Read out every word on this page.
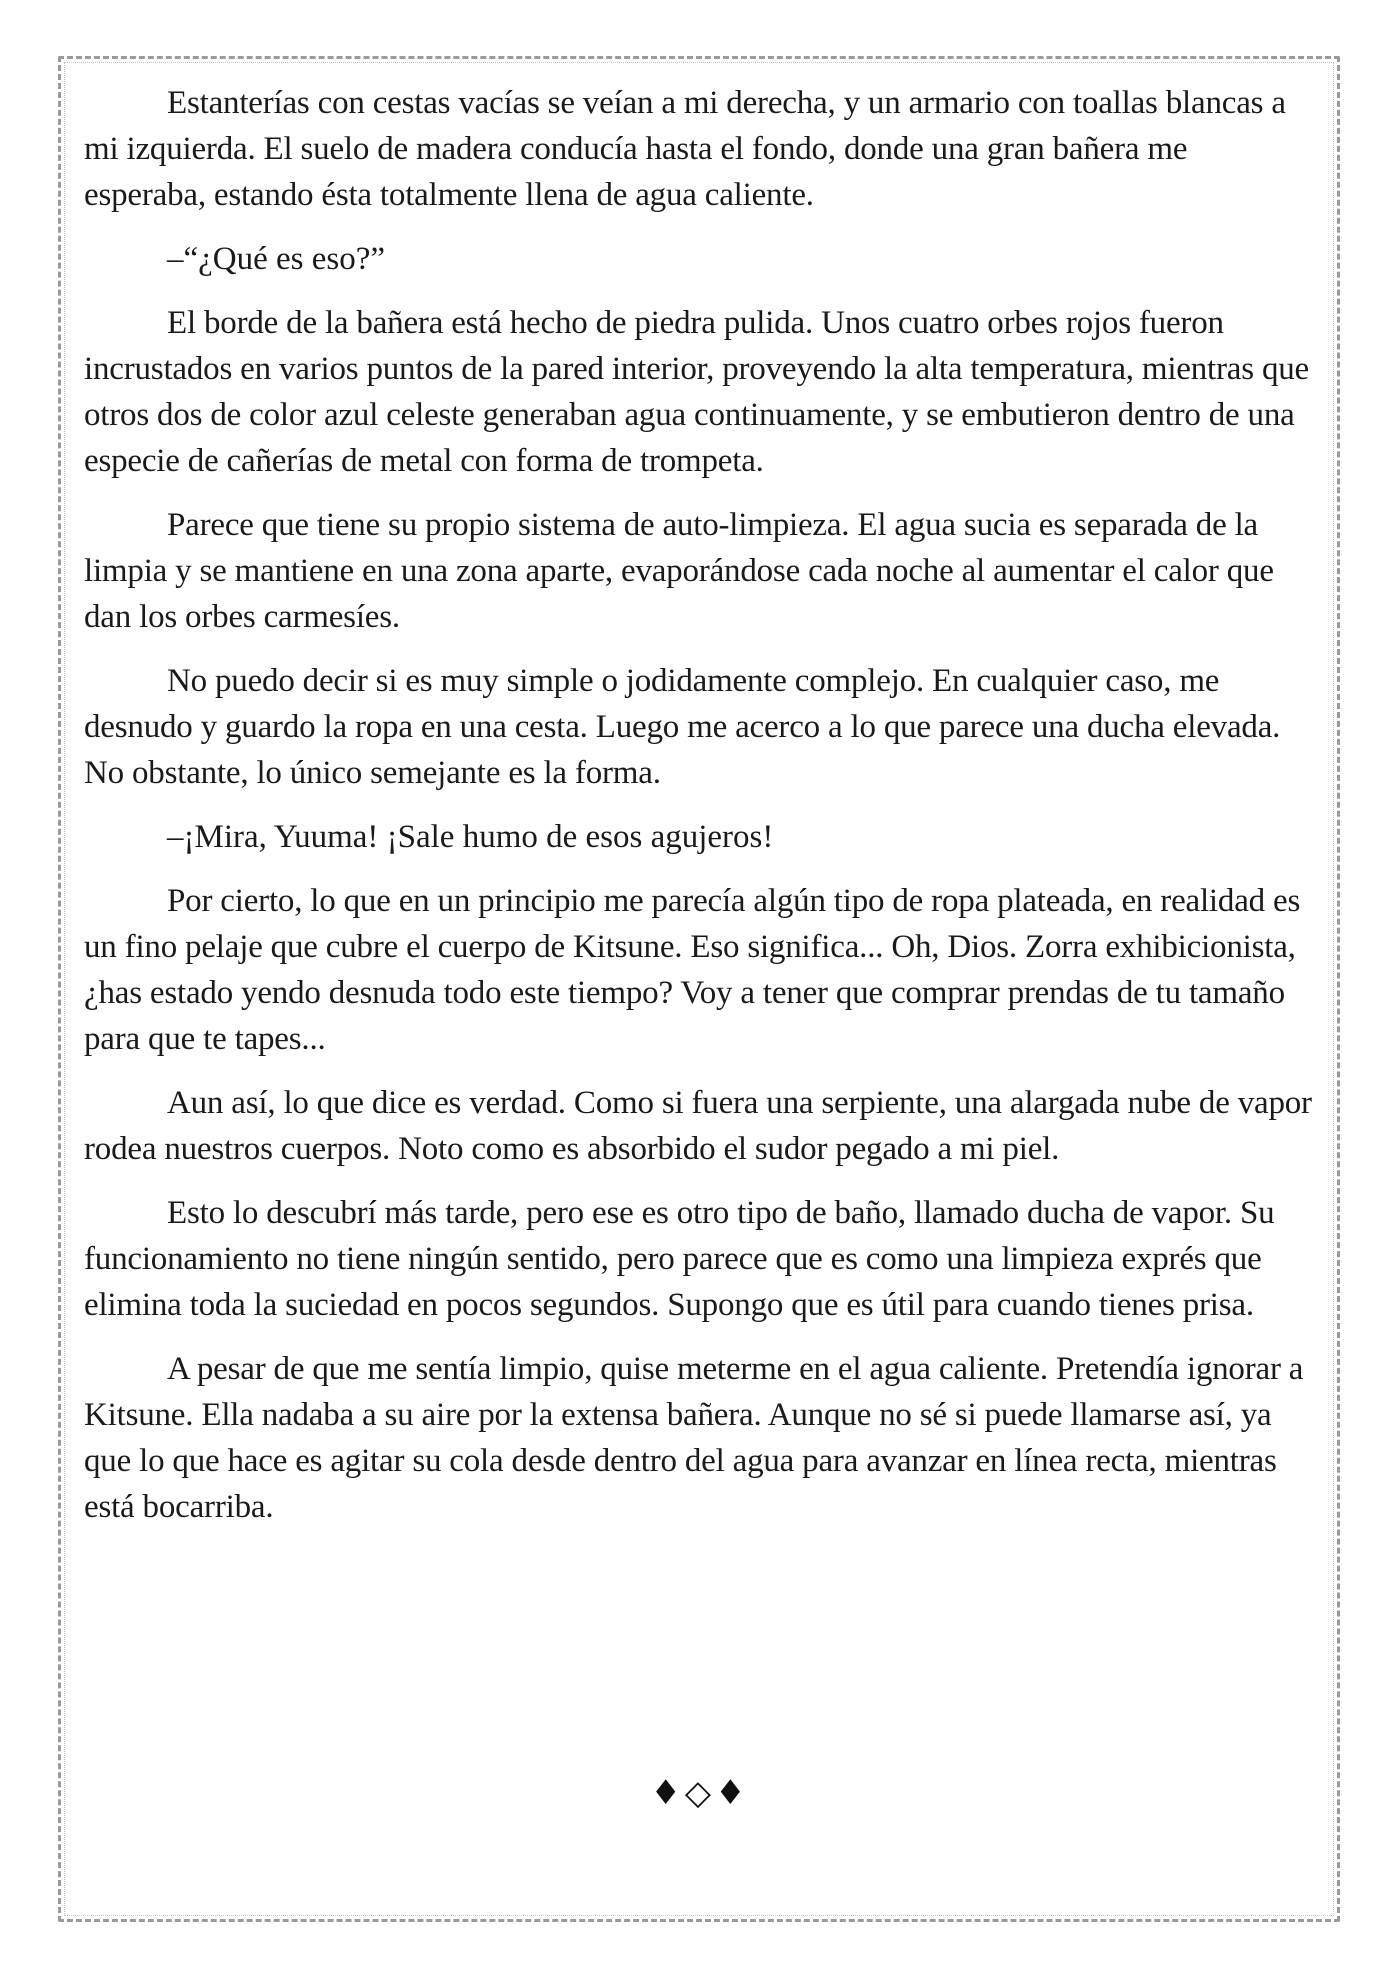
Estanterías con cestas vacías se veían a mi derecha, y un armario con toallas blancas a mi izquierda. El suelo de madera conducía hasta el fondo, donde una gran bañera me esperaba, estando ésta totalmente llena de agua caliente.

–“¿Qué es eso?”

El borde de la bañera está hecho de piedra pulida. Unos cuatro orbes rojos fueron incrustados en varios puntos de la pared interior, proveyendo la alta temperatura, mientras que otros dos de color azul celeste generaban agua continuamente, y se embutieron dentro de una especie de cañerías de metal con forma de trompeta.

Parece que tiene su propio sistema de auto-limpieza. El agua sucia es separada de la limpia y se mantiene en una zona aparte, evaporándose cada noche al aumentar el calor que dan los orbes carmesíes.

No puedo decir si es muy simple o jodidamente complejo. En cualquier caso, me desnudo y guardo la ropa en una cesta. Luego me acerco a lo que parece una ducha elevada. No obstante, lo único semejante es la forma.

–¡Mira, Yuuma! ¡Sale humo de esos agujeros!

Por cierto, lo que en un principio me parecía algún tipo de ropa plateada, en realidad es un fino pelaje que cubre el cuerpo de Kitsune. Eso significa... Oh, Dios. Zorra exhibicionista, ¿has estado yendo desnuda todo este tiempo? Voy a tener que comprar prendas de tu tamaño para que te tapes...

Aun así, lo que dice es verdad. Como si fuera una serpiente, una alargada nube de vapor rodea nuestros cuerpos. Noto como es absorbido el sudor pegado a mi piel.

Esto lo descubrí más tarde, pero ese es otro tipo de baño, llamado ducha de vapor. Su funcionamiento no tiene ningún sentido, pero parece que es como una limpieza exprés que elimina toda la suciedad en pocos segundos. Supongo que es útil para cuando tienes prisa.

A pesar de que me sentía limpio, quise meterme en el agua caliente. Pretendía ignorar a Kitsune. Ella nadaba a su aire por la extensa bañera. Aunque no sé si puede llamarse así, ya que lo que hace es agitar su cola desde dentro del agua para avanzar en línea recta, mientras está bocarriba.

♦◇♦
